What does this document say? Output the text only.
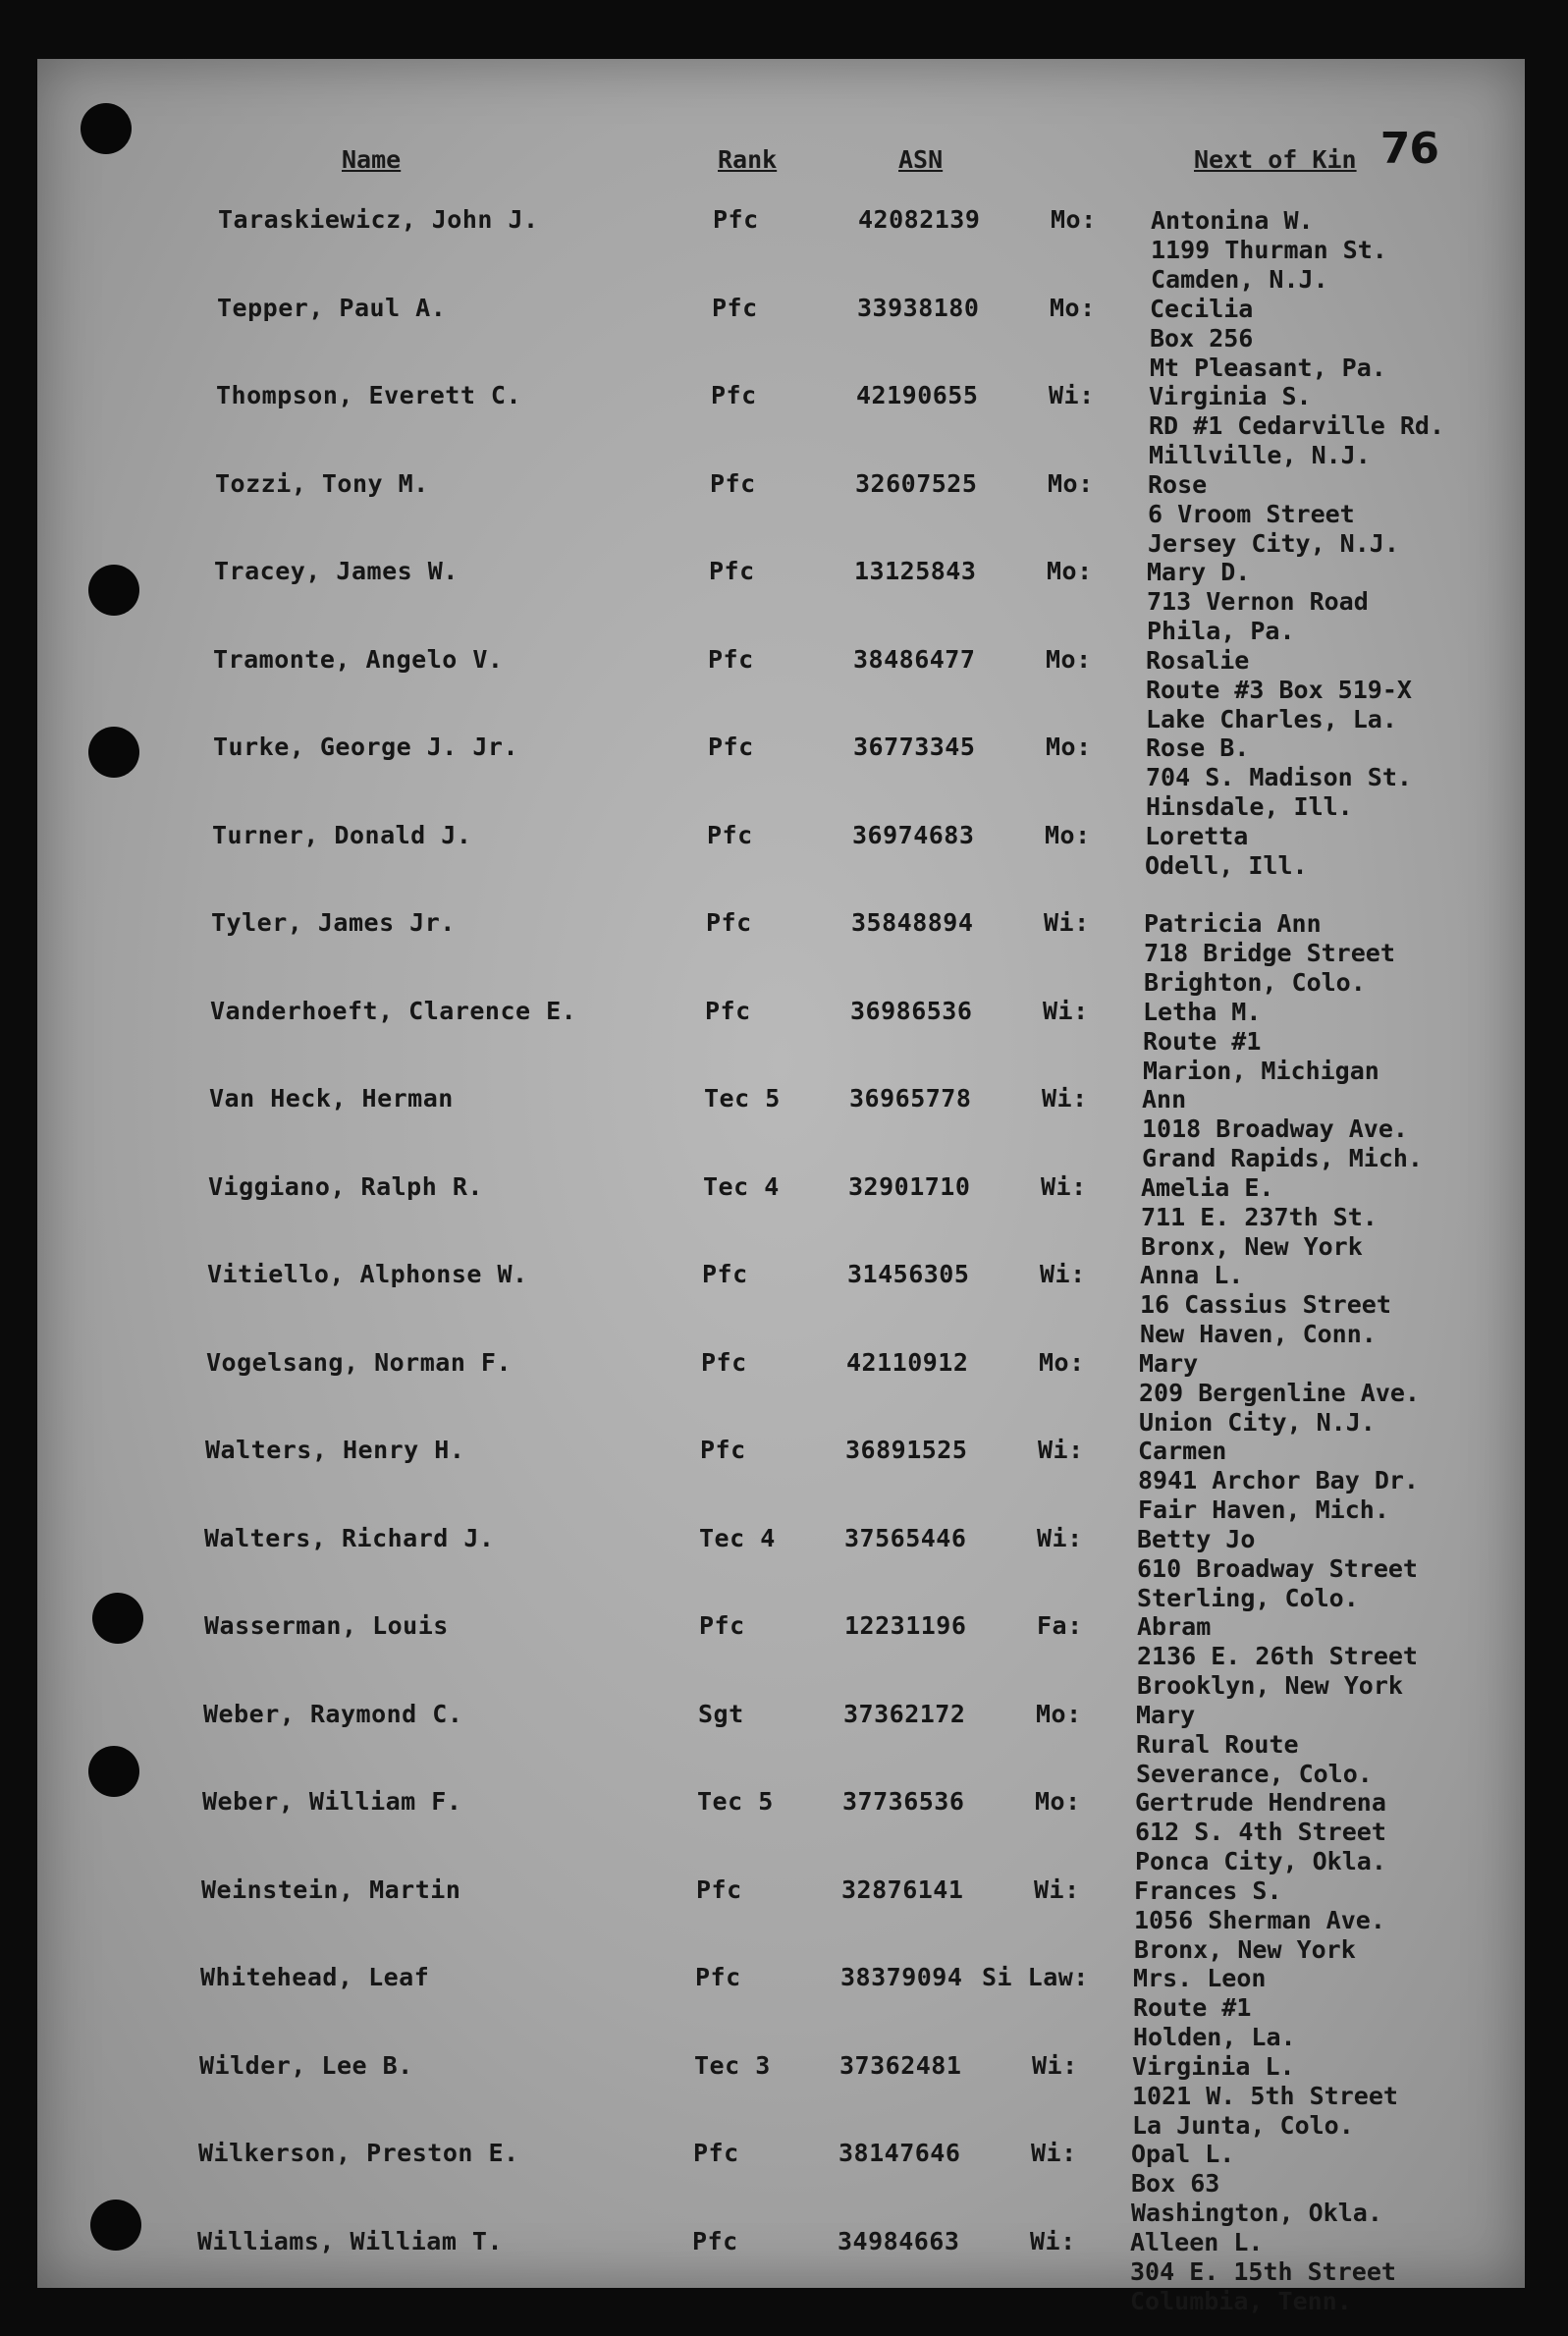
76
Name	Rank	ASN	Next of Kin
Taraskiewicz, John J.	Pfc	42082139	Mo: Antonina W.
1199 Thurman St.
Camden, N.J.
Tepper, Paul A.	Pfc	33938180	Mo: Cecilia
Box 256
Mt Pleasant, Pa.
Thompson, Everett C.	Pfc	42190655	Wi: Virginia S.
RD #1 Cedarville Rd.
Millville, N.J.
Tozzi, Tony M.	Pfc	32607525	Mo: Rose
6 Vroom Street
Jersey City, N.J.
Tracey, James W.	Pfc	13125843	Mo: Mary D.
713 Vernon Road
Phila, Pa.
Tramonte, Angelo V.	Pfc	38486477	Mo: Rosalie
Route #3 Box 519-X
Lake Charles, La.
Turke, George J. Jr.	Pfc	36773345	Mo: Rose B.
704 S. Madison St.
Hinsdale, Ill.
Turner, Donald J.	Pfc	36974683	Mo: Loretta
Odell, Ill.
Tyler, James Jr.	Pfc	35848894	Wi: Patricia Ann
718 Bridge Street
Brighton, Colo.
Vanderhoeft, Clarence E.	Pfc	36986536	Wi: Letha M.
Route #1
Marion, Michigan
Van Heck, Herman	Tec 5	36965778	Wi: Ann
1018 Broadway Ave.
Grand Rapids, Mich.
Viggiano, Ralph R.	Tec 4	32901710	Wi: Amelia E.
711 E. 237th St.
Bronx, New York
Vitiello, Alphonse W.	Pfc	31456305	Wi: Anna L.
16 Cassius Street
New Haven, Conn.
Vogelsang, Norman F.	Pfc	42110912	Mo: Mary
209 Bergenline Ave.
Union City, N.J.
Walters, Henry H.	Pfc	36891525	Wi: Carmen
8941 Archor Bay Dr.
Fair Haven, Mich.
Walters, Richard J.	Tec 4	37565446	Wi: Betty Jo
610 Broadway Street
Sterling, Colo.
Wasserman, Louis	Pfc	12231196	Fa: Abram
2136 E. 26th Street
Brooklyn, New York
Weber, Raymond C.	Sgt	37362172	Mo: Mary
Rural Route
Severance, Colo.
Weber, William F.	Tec 5	37736536	Mo: Gertrude Hendrena
612 S. 4th Street
Ponca City, Okla.
Weinstein, Martin	Pfc	32876141	Wi: Frances S.
1056 Sherman Ave.
Bronx, New York
Whitehead, Leaf	Pfc	38379094 Si Law: Mrs. Leon
Route #1
Holden, La.
Wilder, Lee B.	Tec 3	37362481	Wi: Virginia L.
1021 W. 5th Street
La Junta, Colo.
Wilkerson, Preston E.	Pfc	38147646	Wi: Opal L.
Box 63
Washington, Okla.
Williams, William T.	Pfc	34984663	Wi: Alleen L.
304 E. 15th Street
Columbia, Tenn.
